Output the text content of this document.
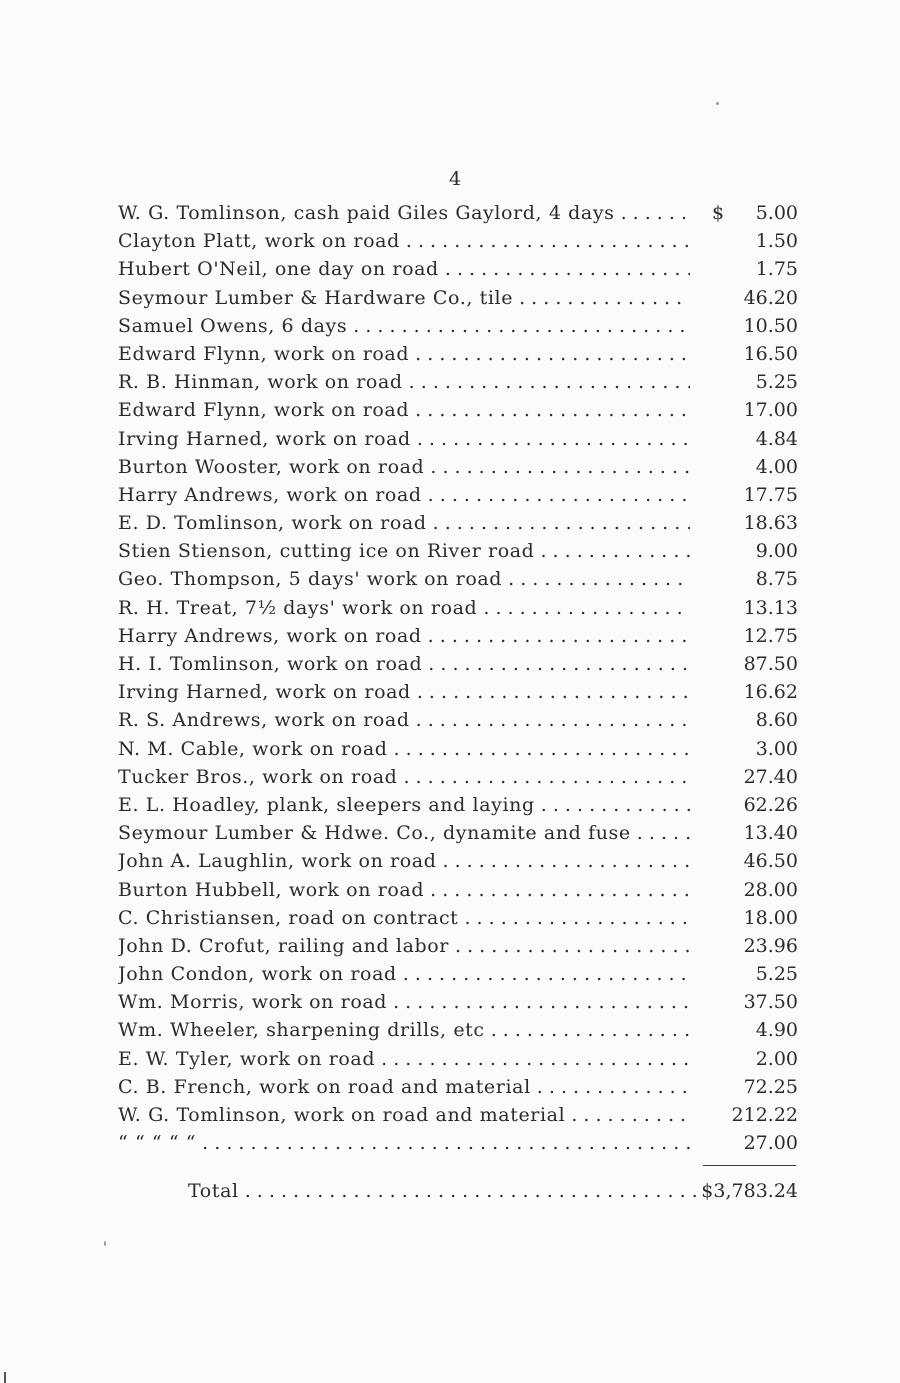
4
W. G. Tomlinson, cash paid Giles Gaylord, 4 days . . .	$ 5.00
Clayton Platt, work on road . . .	1.50
Hubert O'Neil, one day on road . . .	1.75
Seymour Lumber & Hardware Co., tile . . .	46.20
Samuel Owens, 6 days . . .	10.50
Edward Flynn, work on road . . .	16.50
R. B. Hinman, work on road . . .	5.25
Edward Flynn, work on road . . .	17.00
Irving Harned, work on road . . .	4.84
Burton Wooster, work on road . . .	4.00
Harry Andrews, work on road . . .	17.75
E. D. Tomlinson, work on road . . .	18.63
Stien Stienson, cutting ice on River road . . .	9.00
Geo. Thompson, 5 days' work on road . . .	8.75
R. H. Treat, 7½ days' work on road . . .	13.13
Harry Andrews, work on road . . .	12.75
H. I. Tomlinson, work on road . . .	87.50
Irving Harned, work on road . . .	16.62
R. S. Andrews, work on road . . .	8.60
N. M. Cable, work on road . . .	3.00
Tucker Bros., work on road . . .	27.40
E. L. Hoadley, plank, sleepers and laying . . .	62.26
Seymour Lumber & Hdwe. Co., dynamite and fuse . . .	13.40
John A. Laughlin, work on road . . .	46.50
Burton Hubbell, work on road . . .	28.00
C. Christiansen, road on contract . . .	18.00
John D. Crofut, railing and labor . . .	23.96
John Condon, work on road . . .	5.25
Wm. Morris, work on road . . .	37.50
Wm. Wheeler, sharpening drills, etc . . .	4.90
E. W. Tyler, work on road . . .	2.00
C. B. French, work on road and material . . .	72.25
W. G. Tomlinson, work on road and material . . .	212.22
“ “ “ “ “ . . .	27.00
Total . . .	$3,783.24
